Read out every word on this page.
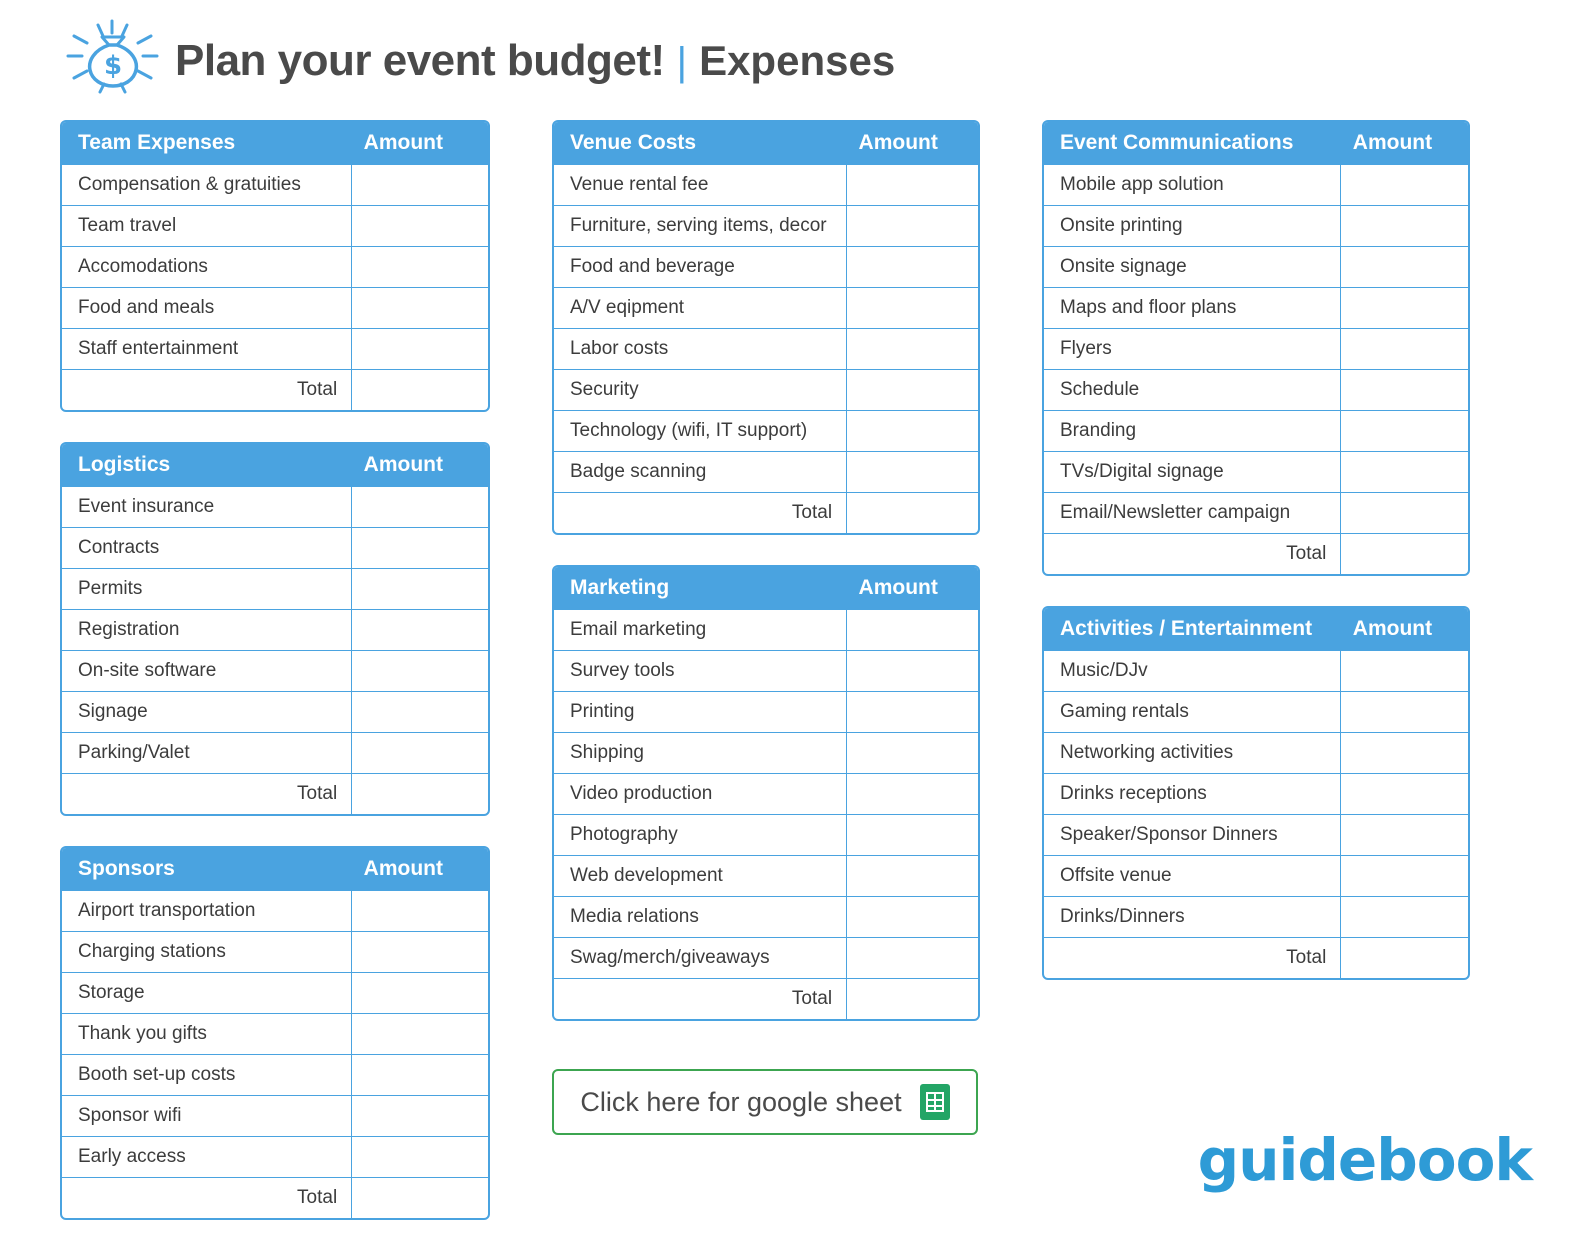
$ Plan your event budget! | Expenses
Team Expenses	Amount
Compensation & gratuities	
Team travel	
Accomodations	
Food and meals	
Staff entertainment	
Total	
Logistics	Amount
Event insurance	
Contracts	
Permits	
Registration	
On-site software	
Signage	
Parking/Valet	
Total	
Sponsors	Amount
Airport transportation	
Charging stations	
Storage	
Thank you gifts	
Booth set-up costs	
Sponsor wifi	
Early access	
Total	
Venue Costs	Amount
Venue rental fee	
Furniture, serving items, decor	
Food and beverage	
A/V eqipment	
Labor costs	
Security	
Technology (wifi, IT support)	
Badge scanning	
Total	
Marketing	Amount
Email marketing	
Survey tools	
Printing	
Shipping	
Video production	
Photography	
Web development	
Media relations	
Swag/merch/giveaways	
Total	
Click here for google sheet
Event Communications	Amount
Mobile app solution	
Onsite printing	
Onsite signage	
Maps and floor plans	
Flyers	
Schedule	
Branding	
TVs/Digital signage	
Email/Newsletter campaign	
Total	
Activities / Entertainment	Amount
Music/DJv	
Gaming rentals	
Networking activities	
Drinks receptions	
Speaker/Sponsor Dinners	
Offsite venue	
Drinks/Dinners	
Total	
guidebook
